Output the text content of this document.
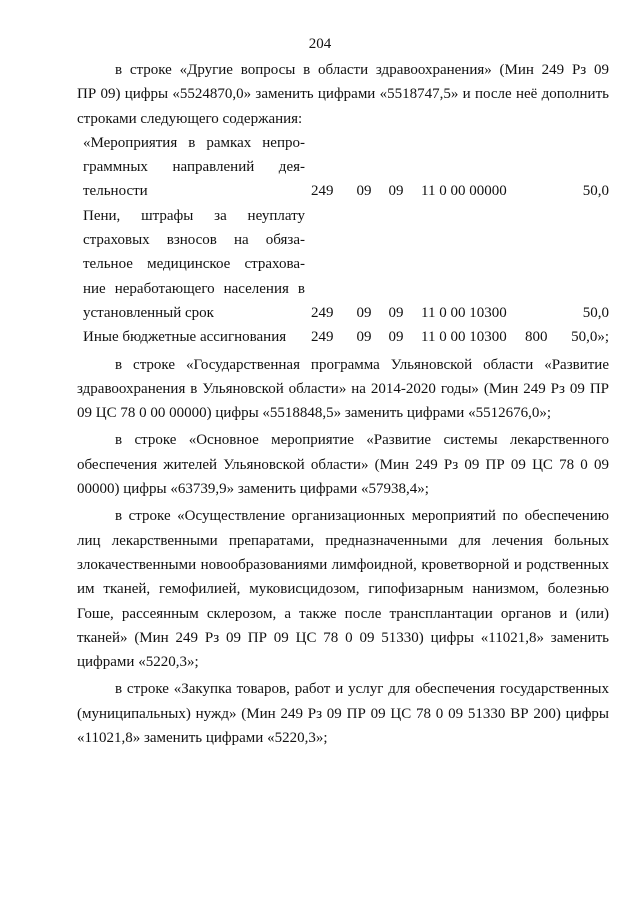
204

в строке «Другие вопросы в области здравоохранения» (Мин 249 Рз 09

ПР 09) цифры «5524870,0» заменить цифрами «5518747,5» и после неё дополнить

строками следующего содержания:

«Мероприятия в рамках непро-
граммных направлений дея-
тельности	249	09	09	11 0 00 00000		50,0

Пени, штрафы за неуплату
страховых взносов на обяза-
тельное медицинское страхова-
ние неработающего населения в
установленный срок	249	09	09	11 0 00 10300		50,0

Иные бюджетные ассигнования	249	09	09	11 0 00 10300	800	50,0»;

в строке «Государственная программа Ульяновской области «Развитие здравоохранения в Ульяновской области» на 2014-2020 годы» (Мин 249 Рз 09 ПР 09 ЦС 78 0 00 00000) цифры «5518848,5» заменить цифрами «5512676,0»;

в строке «Основное мероприятие «Развитие системы лекарственного обеспечения жителей Ульяновской области» (Мин 249 Рз 09 ПР 09 ЦС 78 0 09 00000) цифры «63739,9» заменить цифрами «57938,4»;

в строке «Осуществление организационных мероприятий по обеспечению лиц лекарственными препаратами, предназначенными для лечения больных злокачественными новообразованиями лимфоидной, кроветворной и родственных им тканей, гемофилией, муковисцидозом, гипофизарным нанизмом, болезнью Гоше, рассеянным склерозом, а также после трансплантации органов и (или) тканей» (Мин 249 Рз 09 ПР 09 ЦС 78 0 09 51330) цифры «11021,8» заменить цифрами «5220,3»;

в строке «Закупка товаров, работ и услуг для обеспечения государственных (муниципальных) нужд» (Мин 249 Рз 09 ПР 09 ЦС 78 0 09 51330 ВР 200) цифры «11021,8» заменить цифрами «5220,3»;
